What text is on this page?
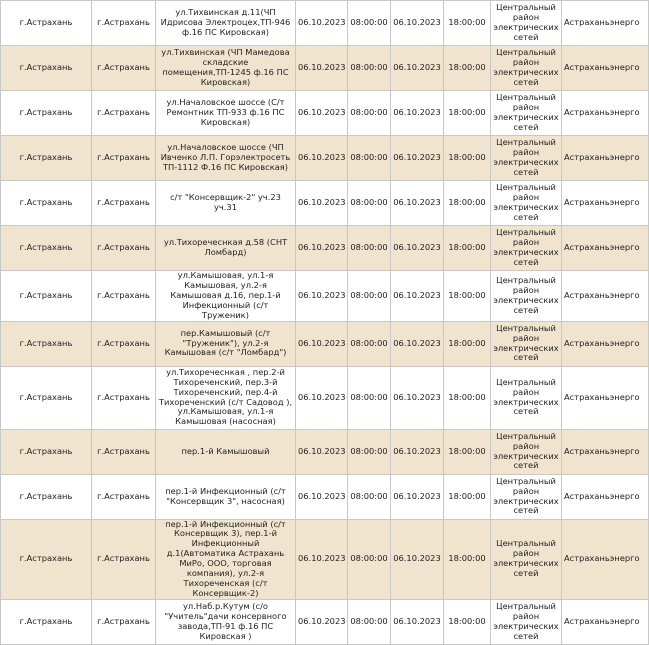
г.Астрахань	г.Астрахань	ул.Тихвинская д.11(ЧП Идрисова Электроцех,ТП-946 ф.16 ПС Кировская)	06.10.2023	08:00:00	06.10.2023	18:00:00	Центральный район электрических сетей	Астраханьэнерго
г.Астрахань	г.Астрахань	ул.Тихвинская (ЧП Мамедова складские помещения,ТП-1245 ф.16 ПС Кировская)	06.10.2023	08:00:00	06.10.2023	18:00:00	Центральный район электрических сетей	Астраханьэнерго
г.Астрахань	г.Астрахань	ул.Началовское шоссе (С/т Ремонтник ТП-933 ф.16 ПС Кировская)	06.10.2023	08:00:00	06.10.2023	18:00:00	Центральный район электрических сетей	Астраханьэнерго
г.Астрахань	г.Астрахань	ул.Началовское шоссе (ЧП Ивченко Л.П. Горэлектросеть ТП-1112 Ф.16 ПС Кировская)	06.10.2023	08:00:00	06.10.2023	18:00:00	Центральный район электрических сетей	Астраханьэнерго
г.Астрахань	г.Астрахань	с/т "Консервщик-2" уч.23 уч.31	06.10.2023	08:00:00	06.10.2023	18:00:00	Центральный район электрических сетей	Астраханьэнерго
г.Астрахань	г.Астрахань	ул.Тихоречеснкая д.58 (СНТ Ломбард)	06.10.2023	08:00:00	06.10.2023	18:00:00	Центральный район электрических сетей	Астраханьэнерго
г.Астрахань	г.Астрахань	ул.Камышовая, ул.1-я Камышовая, ул.2-я Камышовая д.16, пер.1-й Инфекционный (с/т Труженик)	06.10.2023	08:00:00	06.10.2023	18:00:00	Центральный район электрических сетей	Астраханьэнерго
г.Астрахань	г.Астрахань	пер.Камышовый (с/т "Труженик"), ул.2-я Камышовая (с/т "Ломбард")	06.10.2023	08:00:00	06.10.2023	18:00:00	Центральный район электрических сетей	Астраханьэнерго
г.Астрахань	г.Астрахань	ул.Тихоречеснкая , пер.2-й Тихореченский, пер.3-й Тихореченский, пер.4-й Тихореченский (с/т Садовод ), ул.Камышовая, ул.1-я Камышовая (насосная)	06.10.2023	08:00:00	06.10.2023	18:00:00	Центральный район электрических сетей	Астраханьэнерго
г.Астрахань	г.Астрахань	пер.1-й Камышовый	06.10.2023	08:00:00	06.10.2023	18:00:00	Центральный район электрических сетей	Астраханьэнерго
г.Астрахань	г.Астрахань	пер.1-й Инфекционный (с/т "Консервщик 3", насосная)	06.10.2023	08:00:00	06.10.2023	18:00:00	Центральный район электрических сетей	Астраханьэнерго
г.Астрахань	г.Астрахань	пер.1-й Инфекционный (с/т Консервщик 3), пер.1-й Инфекционный д.1(Автоматика Астрахань МиРо, ООО, торговая компания), ул.2-я Тихореченская (с/т Консервщик-2)	06.10.2023	08:00:00	06.10.2023	18:00:00	Центральный район электрических сетей	Астраханьэнерго
г.Астрахань	г.Астрахань	ул.Наб.р.Кутум (с/о "Учитель"дачи консервного завода,ТП-91 ф.16 ПС Кировская )	06.10.2023	08:00:00	06.10.2023	18:00:00	Центральный район электрических сетей	Астраханьэнерго
